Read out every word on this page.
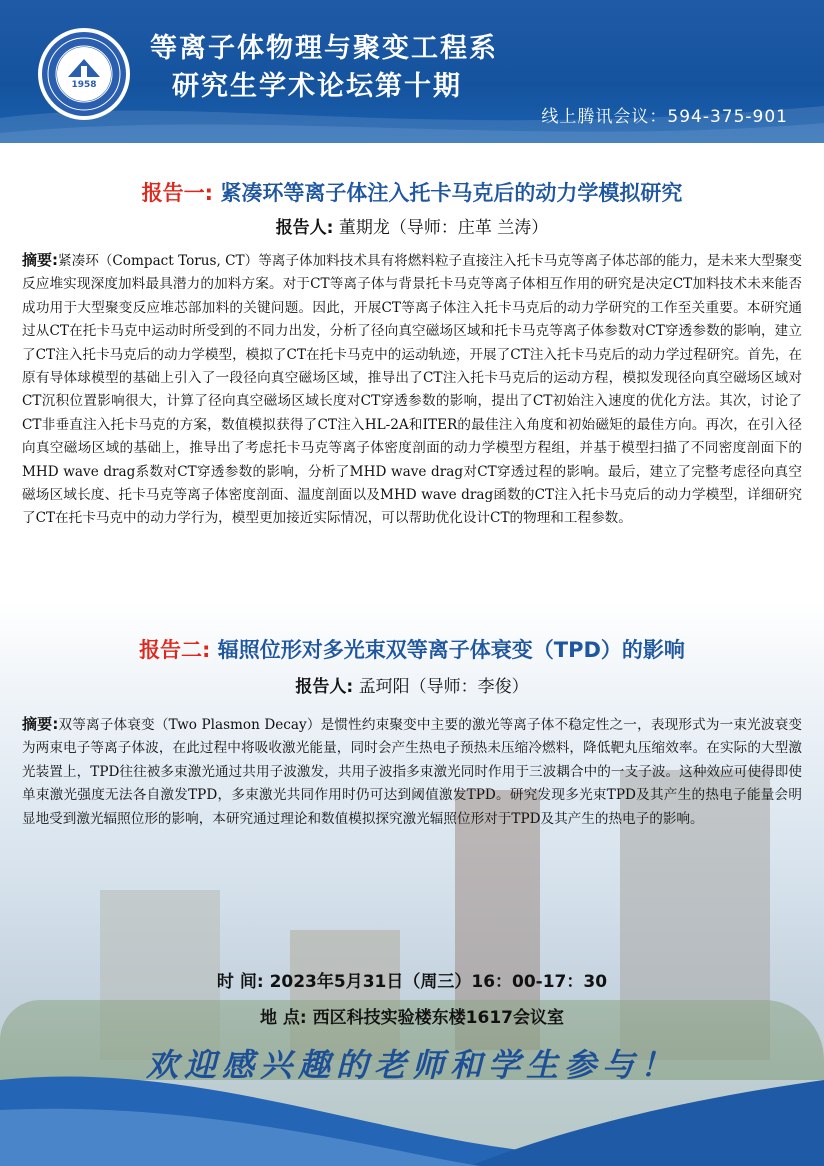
1958
等离子体物理与聚变工程系
研究生学术论坛第十期
线上腾讯会议：594-375-901
报告一: 紧凑环等离子体注入托卡马克后的动力学模拟研究
报告人: 董期龙（导师：庄革 兰涛）
摘要:紧凑环（Compact Torus, CT）等离子体加料技术具有将燃料粒子直接注入托卡马克等离子体芯部的能力，是未来大型聚变反应堆实现深度加料最具潜力的加料方案。对于CT等离子体与背景托卡马克等离子体相互作用的研究是决定CT加料技术未来能否成功用于大型聚变反应堆芯部加料的关键问题。因此，开展CT等离子体注入托卡马克后的动力学研究的工作至关重要。本研究通过从CT在托卡马克中运动时所受到的不同力出发，分析了径向真空磁场区域和托卡马克等离子体参数对CT穿透参数的影响，建立了CT注入托卡马克后的动力学模型，模拟了CT在托卡马克中的运动轨迹，开展了CT注入托卡马克后的动力学过程研究。首先，在原有导体球模型的基础上引入了一段径向真空磁场区域，推导出了CT注入托卡马克后的运动方程，模拟发现径向真空磁场区域对CT沉积位置影响很大，计算了径向真空磁场区域长度对CT穿透参数的影响，提出了CT初始注入速度的优化方法。其次，讨论了CT非垂直注入托卡马克的方案，数值模拟获得了CT注入HL-2A和ITER的最佳注入角度和初始磁矩的最佳方向。再次，在引入径向真空磁场区域的基础上，推导出了考虑托卡马克等离子体密度剖面的动力学模型方程组，并基于模型扫描了不同密度剖面下的MHD wave drag系数对CT穿透参数的影响，分析了MHD wave drag对CT穿透过程的影响。最后，建立了完整考虑径向真空磁场区域长度、托卡马克等离子体密度剖面、温度剖面以及MHD wave drag函数的CT注入托卡马克后的动力学模型，详细研究了CT在托卡马克中的动力学行为，模型更加接近实际情况，可以帮助优化设计CT的物理和工程参数。
报告二: 辐照位形对多光束双等离子体衰变（TPD）的影响
报告人: 孟珂阳（导师：李俊）
摘要:双等离子体衰变（Two Plasmon Decay）是惯性约束聚变中主要的激光等离子体不稳定性之一，表现形式为一束光波衰变为两束电子等离子体波，在此过程中将吸收激光能量，同时会产生热电子预热未压缩冷燃料，降低靶丸压缩效率。在实际的大型激光装置上，TPD往往被多束激光通过共用子波激发，共用子波指多束激光同时作用于三波耦合中的一支子波。这种效应可使得即使单束激光强度无法各自激发TPD，多束激光共同作用时仍可达到阈值激发TPD。研究发现多光束TPD及其产生的热电子能量会明显地受到激光辐照位形的影响，本研究通过理论和数值模拟探究激光辐照位形对于TPD及其产生的热电子的影响。
时 间: 2023年5月31日（周三）16：00-17：30
地 点: 西区科技实验楼东楼1617会议室
欢迎感兴趣的老师和学生参与！
